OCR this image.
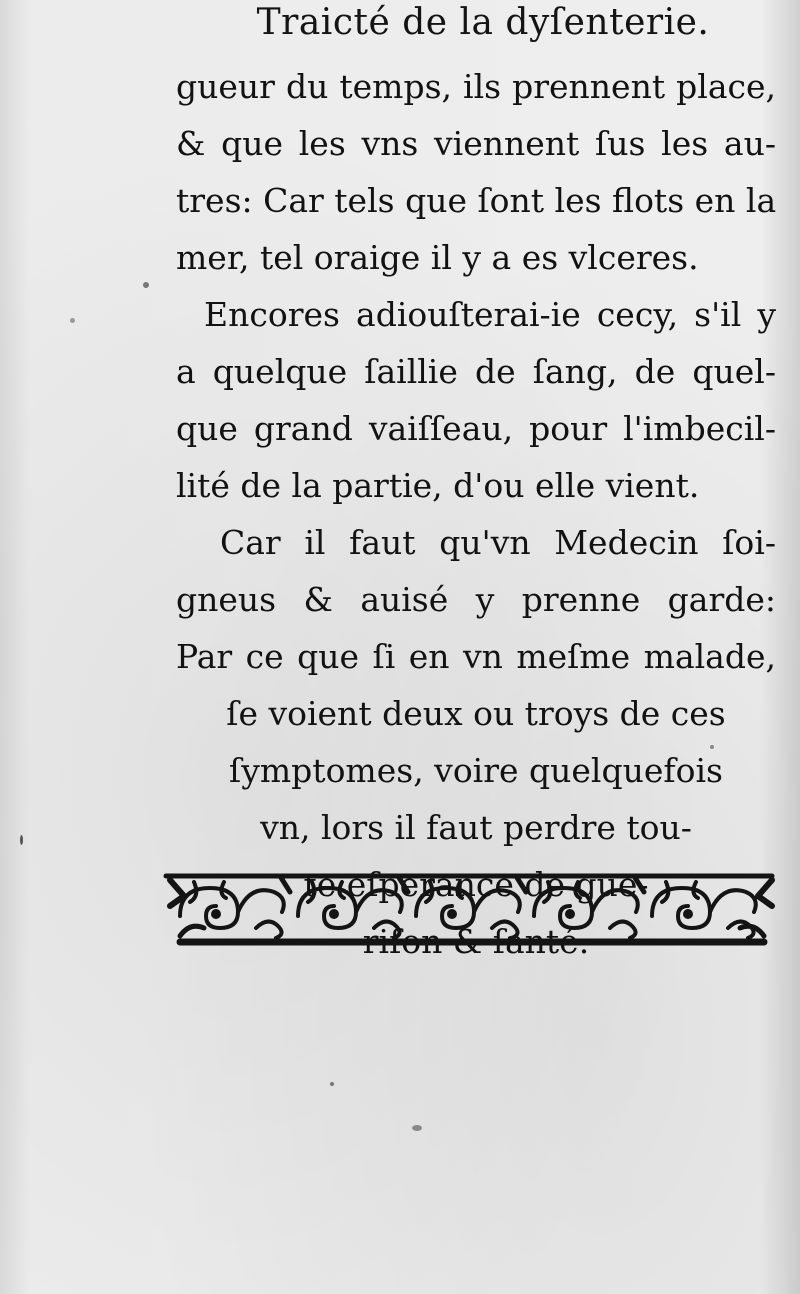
Traicté de la dyſenterie.
gueur du temps, ils prennent place,
& que les vns viennent ſus les au-
tres: Car tels que ſont les flots en la
mer, tel oraige il y a es vlceres.
Encores adiouſterai-ie cecy, s'il y
a quelque ſaillie de ſang, de quel-
que grand vaiſſeau, pour l'imbecil-
lité de la partie, d'ou elle vient.
Car il faut qu'vn Medecin ſoi-
gneus & auisé y prenne garde:
Par ce que ſi en vn meſme malade,
ſe voient deux ou troys de ces
ſymptomes, voire quelquefois
vn, lors il faut perdre tou-
te eſperance de gue-
riſon & ſanté.
